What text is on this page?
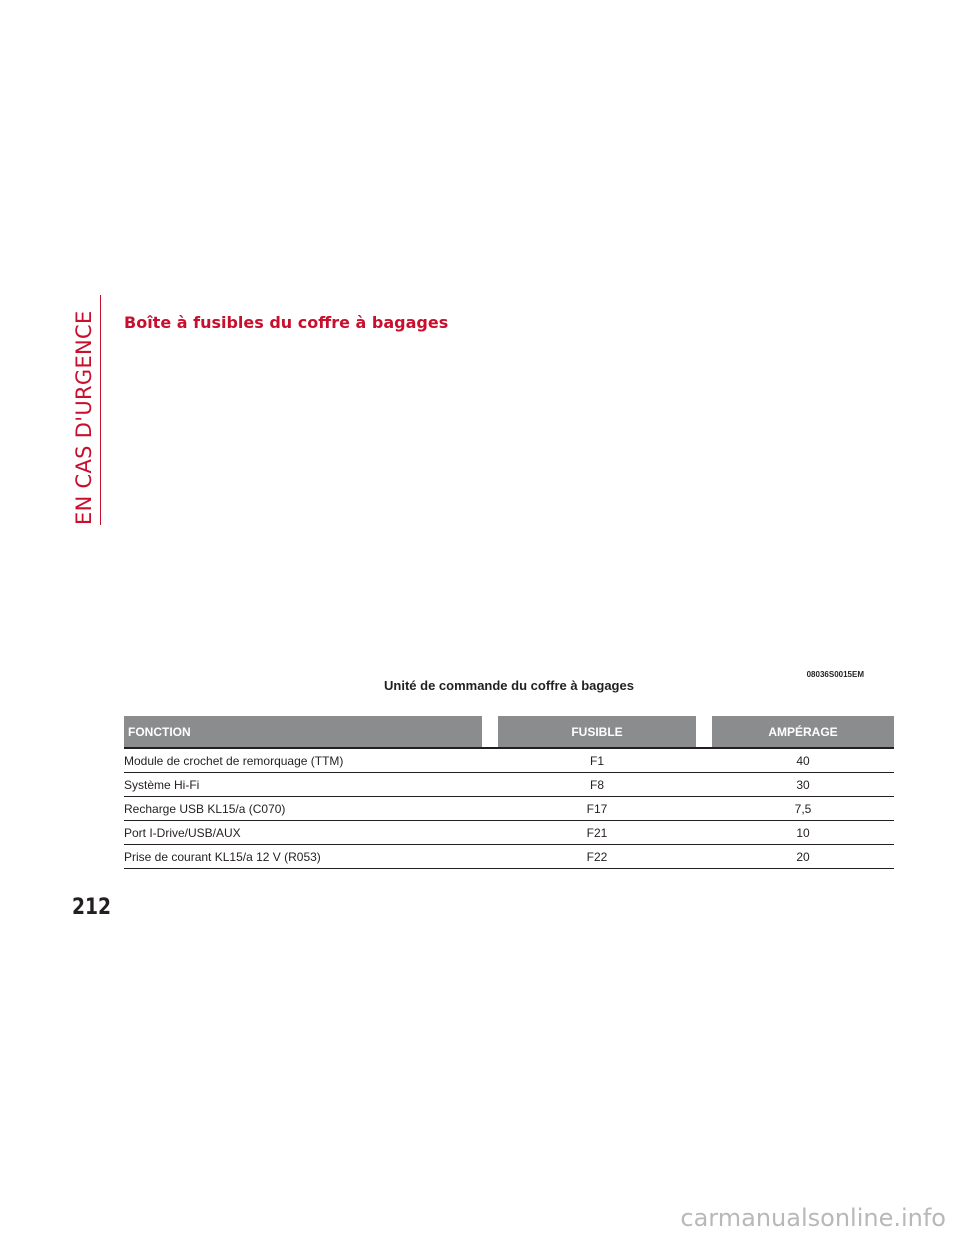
EN CAS D'URGENCE	Boîte à fusibles du coffre à bagages
08036S0015EM
Unité de commande du coffre à bagages
FONCTION		FUSIBLE		AMPÉRAGE
Module de crochet de remorquage (TTM)		F1		40
Système Hi-Fi		F8		30
Recharge USB KL15/a (C070)		F17		7,5
Port I-Drive/USB/AUX		F21		10
Prise de courant KL15/a 12 V (R053)		F22		20
212
carmanualsonline.info
